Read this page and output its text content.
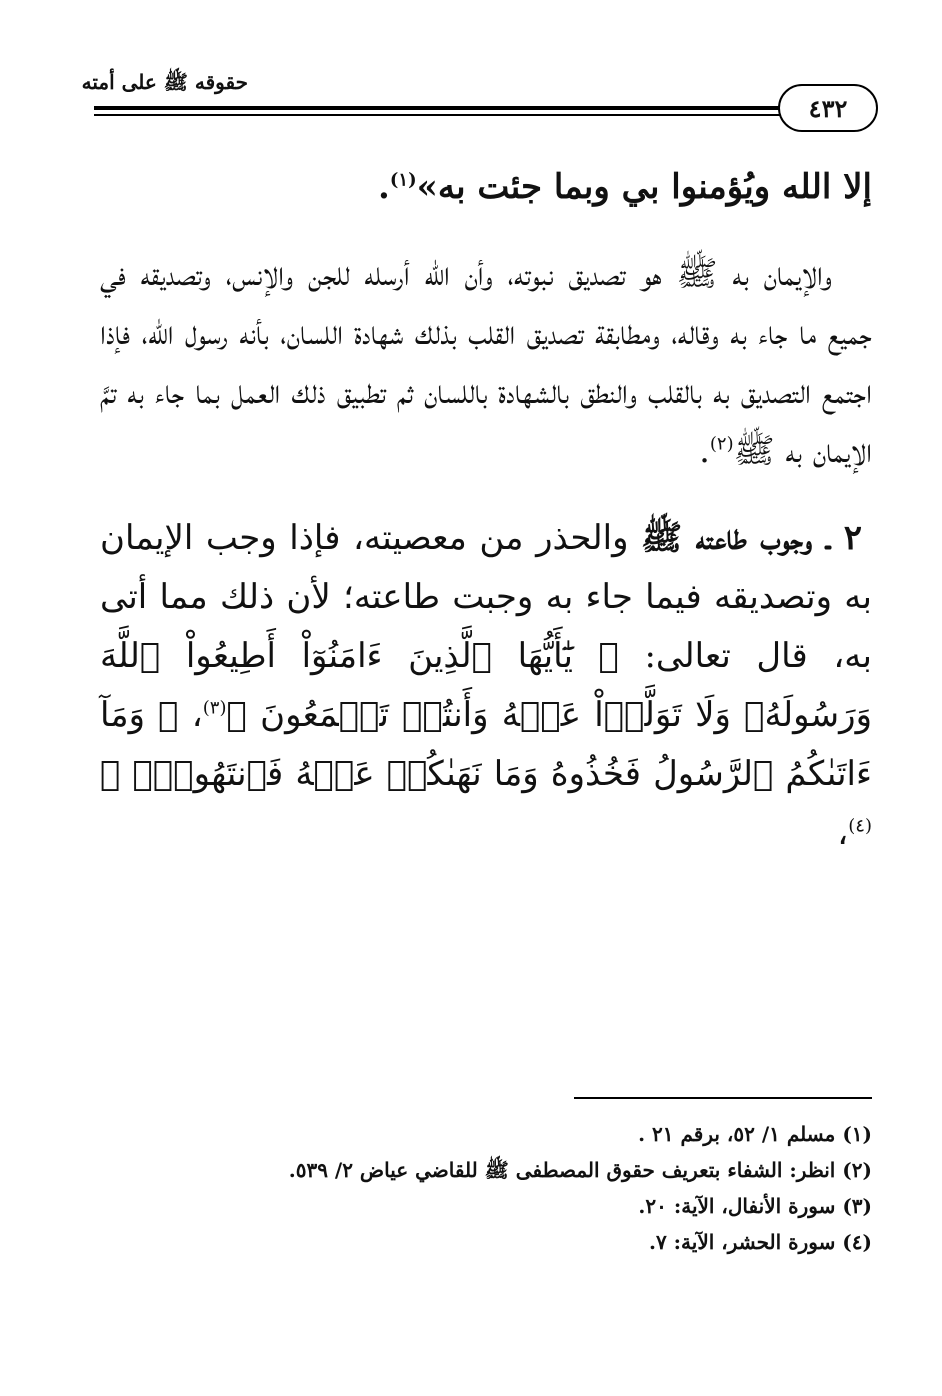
٤٣٢
حقوقه ﷺ على أمته

إلا الله ويُؤمنوا بي وبما جئت به»$^{(١)}$.

والإيمان به ﷺ هو تصديق نبوته، وأن الله أرسله للجن والإنس، وتصديقه في جميع ما جاء به وقاله، ومطابقة تصديق القلب بذلك شهادة اللسان، بأنه رسول الله، فإذا اجتمع التصديق به بالقلب والنطق بالشهادة باللسان ثم تطبيق ذلك العمل بما جاء به تمَّ الإيمان به ﷺ$^{(٢)}$.

٢ ـ وجوب طاعته ﷺ والحذر من معصيته، فإذا وجب الإيمان به وتصديقه فيما جاء به وجبت طاعته؛ لأن ذلك مما أتى به، قال تعالى: ﴿ يَٰٓأَيُّهَا ٱلَّذِينَ ءَامَنُوٓاْ أَطِيعُواْ ٱللَّهَ وَرَسُولَهُۥ وَلَا تَوَلَّوۡاْ عَنۡهُ وَأَنتُمۡ تَسۡمَعُونَ ﴾$^{(٣)}$، ﴿ وَمَآ ءَاتَىٰكُمُ ٱلرَّسُولُ فَخُذُوهُ وَمَا نَهَىٰكُمۡ عَنۡهُ فَٱنتَهُواْۚ ﴾$^{(٤)}$،

(١) مسلم ١/ ٥٢، برقم ٢١ .
(٢) انظر: الشفاء بتعريف حقوق المصطفى ﷺ للقاضي عياض ٢/ ٥٣٩.
(٣) سورة الأنفال، الآية: ٢٠.
(٤) سورة الحشر، الآية: ٧.
